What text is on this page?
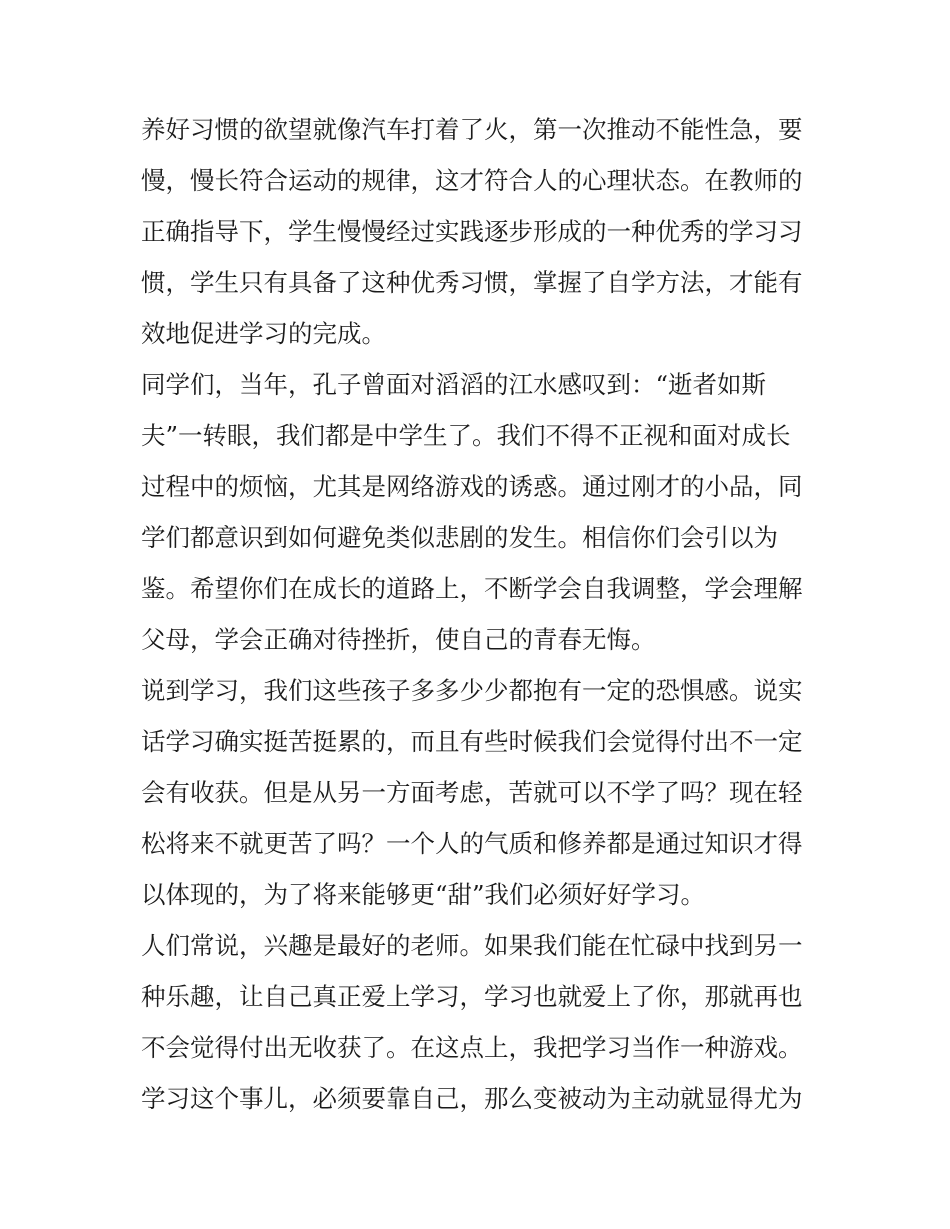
养好习惯的欲望就像汽车打着了火，第一次推动不能性急，要
慢，慢长符合运动的规律，这才符合人的心理状态。在教师的
正确指导下，学生慢慢经过实践逐步形成的一种优秀的学习习
惯，学生只有具备了这种优秀习惯，掌握了自学方法，才能有
效地促进学习的完成。
同学们，当年，孔子曾面对滔滔的江水感叹到：“逝者如斯
夫”一转眼，我们都是中学生了。我们不得不正视和面对成长
过程中的烦恼，尤其是网络游戏的诱惑。通过刚才的小品，同
学们都意识到如何避免类似悲剧的发生。相信你们会引以为
鉴。希望你们在成长的道路上，不断学会自我调整，学会理解
父母，学会正确对待挫折，使自己的青春无悔。
说到学习，我们这些孩子多多少少都抱有一定的恐惧感。说实
话学习确实挺苦挺累的，而且有些时候我们会觉得付出不一定
会有收获。但是从另一方面考虑，苦就可以不学了吗？现在轻
松将来不就更苦了吗？一个人的气质和修养都是通过知识才得
以体现的，为了将来能够更“甜”我们必须好好学习。
人们常说，兴趣是最好的老师。如果我们能在忙碌中找到另一
种乐趣，让自己真正爱上学习，学习也就爱上了你，那就再也
不会觉得付出无收获了。在这点上，我把学习当作一种游戏。
学习这个事儿，必须要靠自己，那么变被动为主动就显得尤为
